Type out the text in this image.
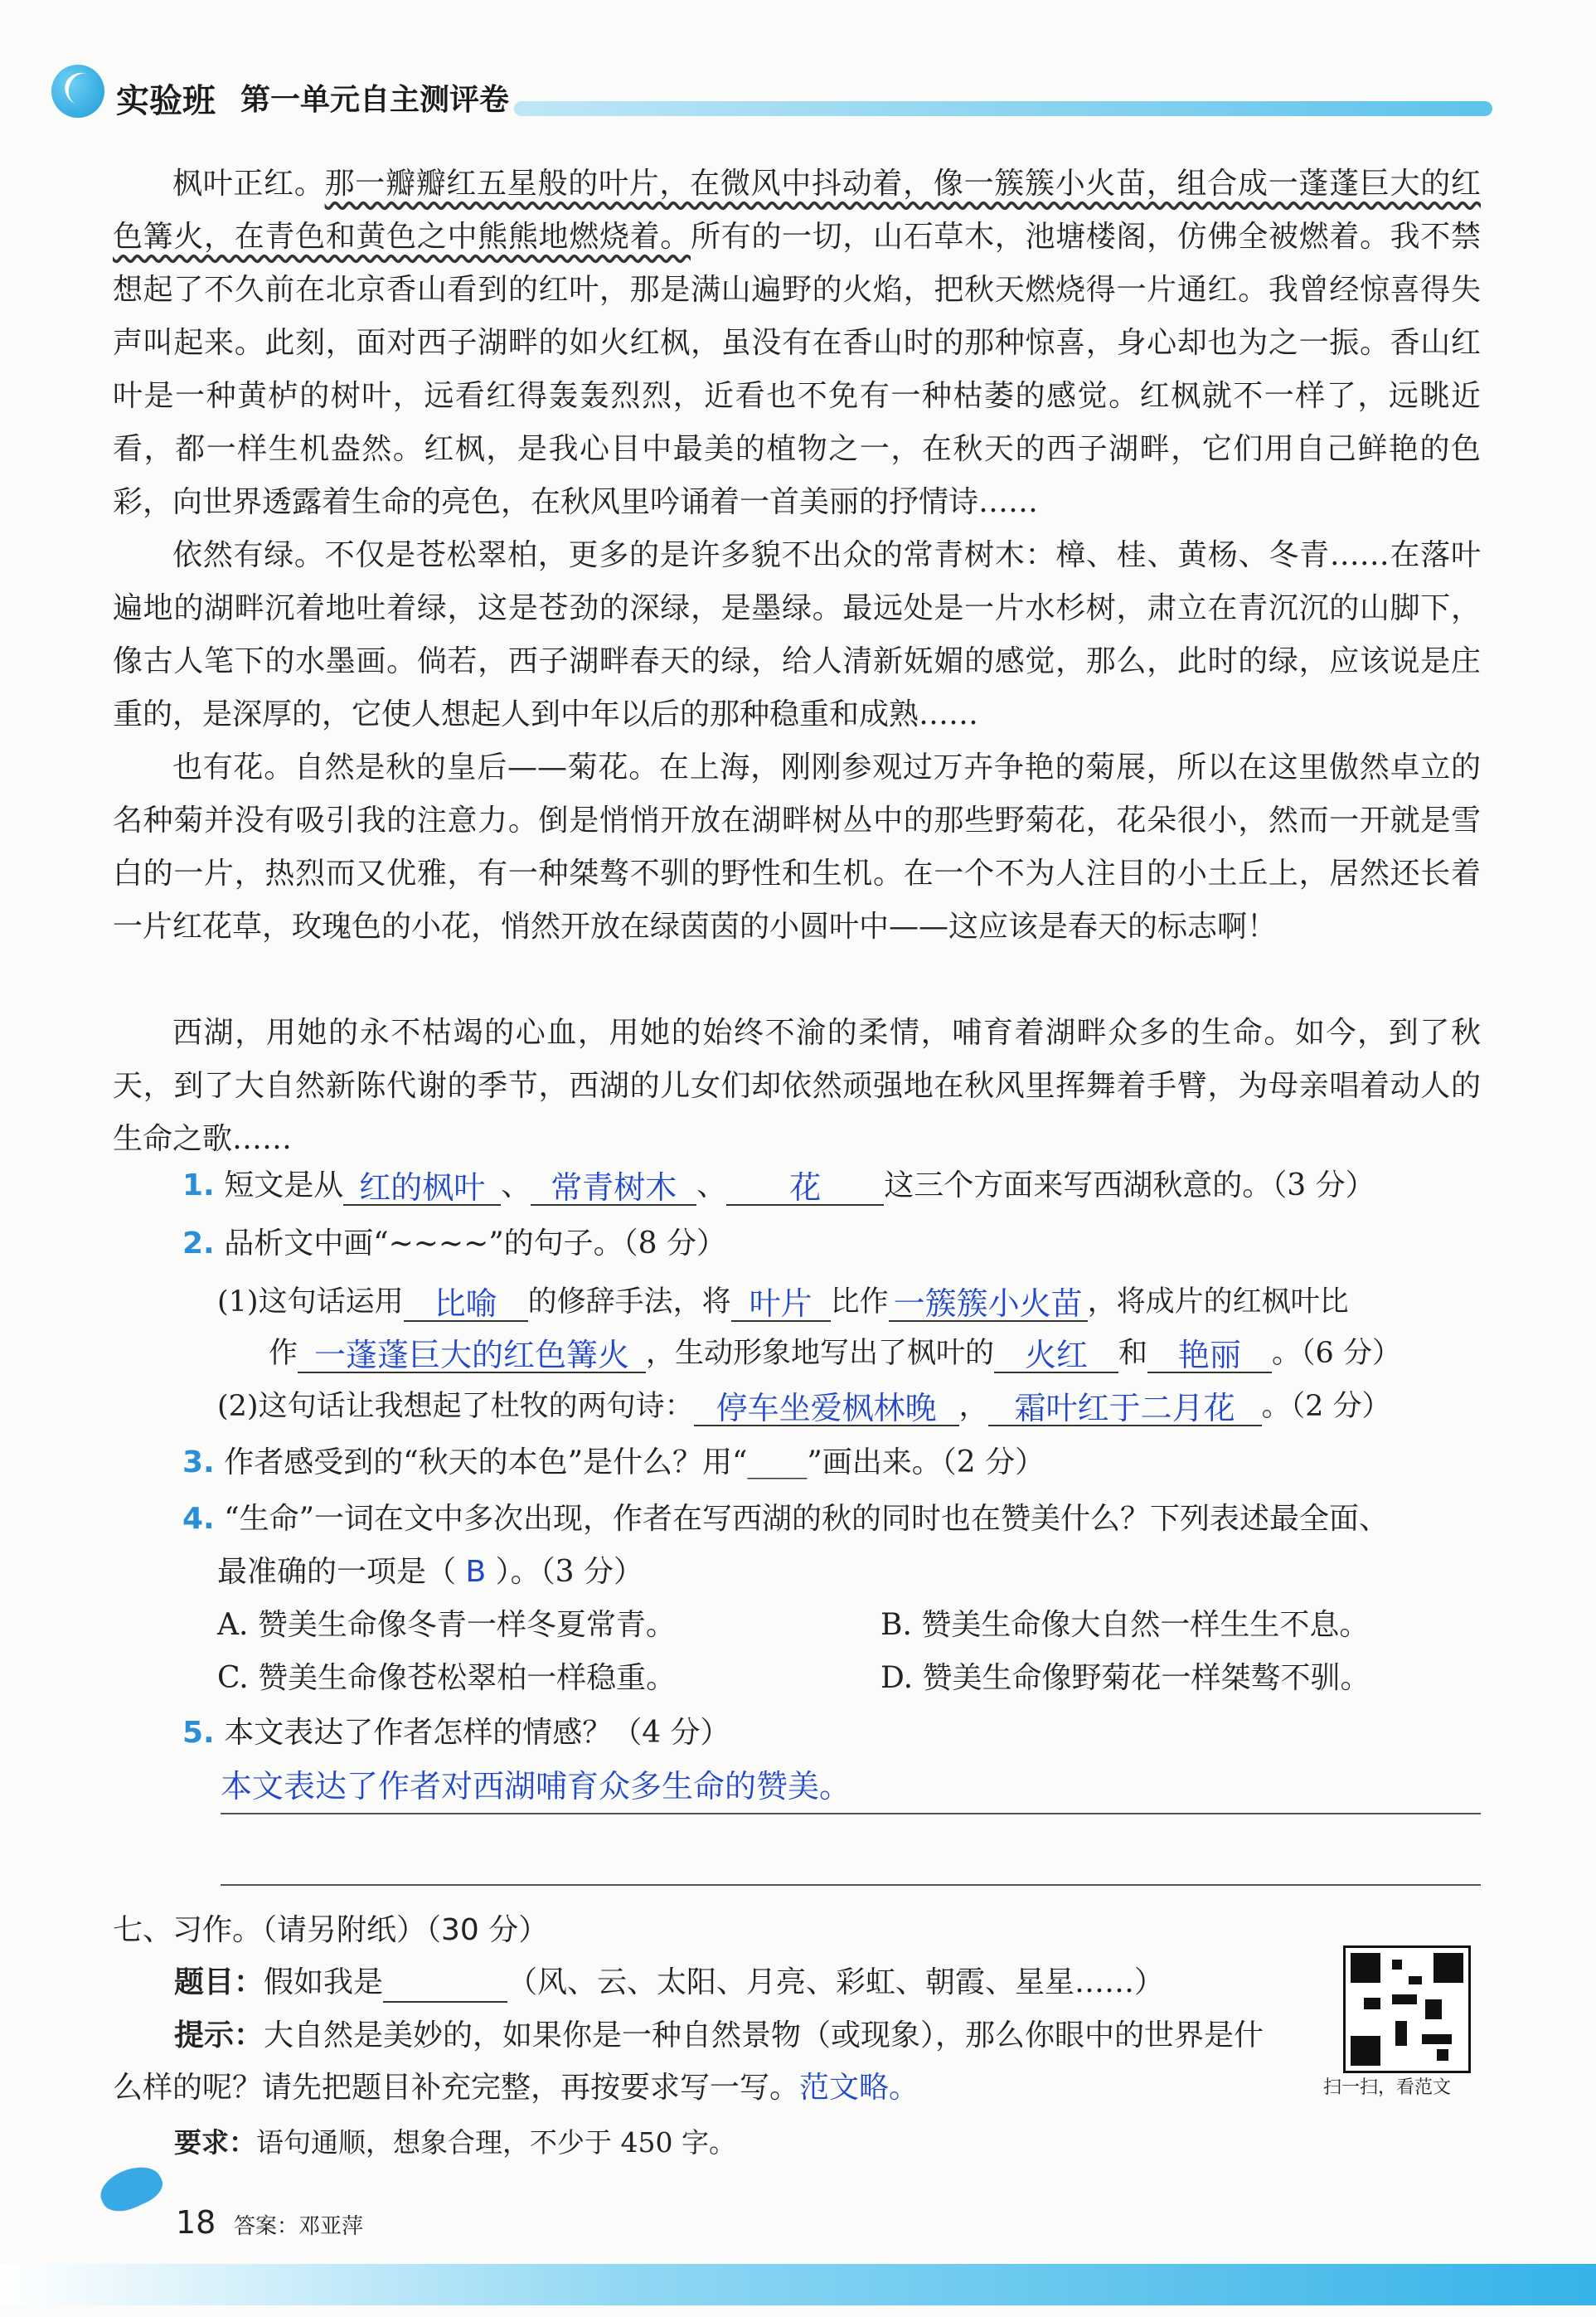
实验班 第一单元自主测评卷

枫叶正红。那一瓣瓣红五星般的叶片，在微风中抖动着，像一簇簇小火苗，组合成一蓬蓬巨大的红色篝火，在青色和黄色之中熊熊地燃烧着。所有的一切，山石草木，池塘楼阁，仿佛全被燃着。我不禁想起了不久前在北京香山看到的红叶，那是满山遍野的火焰，把秋天燃烧得一片通红。我曾经惊喜得失声叫起来。此刻，面对西子湖畔的如火红枫，虽没有在香山时的那种惊喜，身心却也为之一振。香山红叶是一种黄栌的树叶，远看红得轰轰烈烈，近看也不免有一种枯萎的感觉。红枫就不一样了，远眺近看，都一样生机盎然。红枫，是我心目中最美的植物之一，在秋天的西子湖畔，它们用自己鲜艳的色彩，向世界透露着生命的亮色，在秋风里吟诵着一首美丽的抒情诗……

依然有绿。不仅是苍松翠柏，更多的是许多貌不出众的常青树木：樟、桂、黄杨、冬青……在落叶遍地的湖畔沉着地吐着绿，这是苍劲的深绿，是墨绿。最远处是一片水杉树，肃立在青沉沉的山脚下，像古人笔下的水墨画。倘若，西子湖畔春天的绿，给人清新妩媚的感觉，那么，此时的绿，应该说是庄重的，是深厚的，它使人想起人到中年以后的那种稳重和成熟……

也有花。自然是秋的皇后——菊花。在上海，刚刚参观过万卉争艳的菊展，所以在这里傲然卓立的名种菊并没有吸引我的注意力。倒是悄悄开放在湖畔树丛中的那些野菊花，花朵很小，然而一开就是雪白的一片，热烈而又优雅，有一种桀骜不驯的野性和生机。在一个不为人注目的小土丘上，居然还长着一片红花草，玫瑰色的小花，悄然开放在绿茵茵的小圆叶中——这应该是春天的标志啊！

西湖，用她的永不枯竭的心血，用她的始终不渝的柔情，哺育着湖畔众多的生命。如今，到了秋天，到了大自然新陈代谢的季节，西湖的儿女们却依然顽强地在秋风里挥舞着手臂，为母亲唱着动人的生命之歌……

1. 短文是从 红的枫叶 、 常青树木 、 花 这三个方面来写西湖秋意的。（3 分）
2. 品析文中画“~~~~”的句子。（8 分）
(1)这句话运用 比喻 的修辞手法，将 叶片 比作 一簇簇小火苗 ，将成片的红枫叶比
作 一蓬蓬巨大的红色篝火 ，生动形象地写出了枫叶的 火红 和 艳丽 。（6 分）
(2)这句话让我想起了杜牧的两句诗： 停车坐爱枫林晚 ， 霜叶红于二月花 。（2 分）
3. 作者感受到的“秋天的本色”是什么？用“____”画出来。（2 分）
4. “生命”一词在文中多次出现，作者在写西湖的秋的同时也在赞美什么？下列表述最全面、
最准确的一项是（ B ）。（3 分）
A. 赞美生命像冬青一样冬夏常青。	B. 赞美生命像大自然一样生生不息。
C. 赞美生命像苍松翠柏一样稳重。	D. 赞美生命像野菊花一样桀骜不驯。
5. 本文表达了作者怎样的情感？（4 分）
本文表达了作者对西湖哺育众多生命的赞美。
七、习作。（请另附纸）（30 分）
题目：假如我是	（风、云、太阳、月亮、彩虹、朝霞、星星……）
提示：大自然是美妙的，如果你是一种自然景物（或现象），那么你眼中的世界是什
么样的呢？请先把题目补充完整，再按要求写一写。范文略。
要求：语句通顺，想象合理，不少于 450 字。
扫一扫，看范文
18 答案：邓亚萍
